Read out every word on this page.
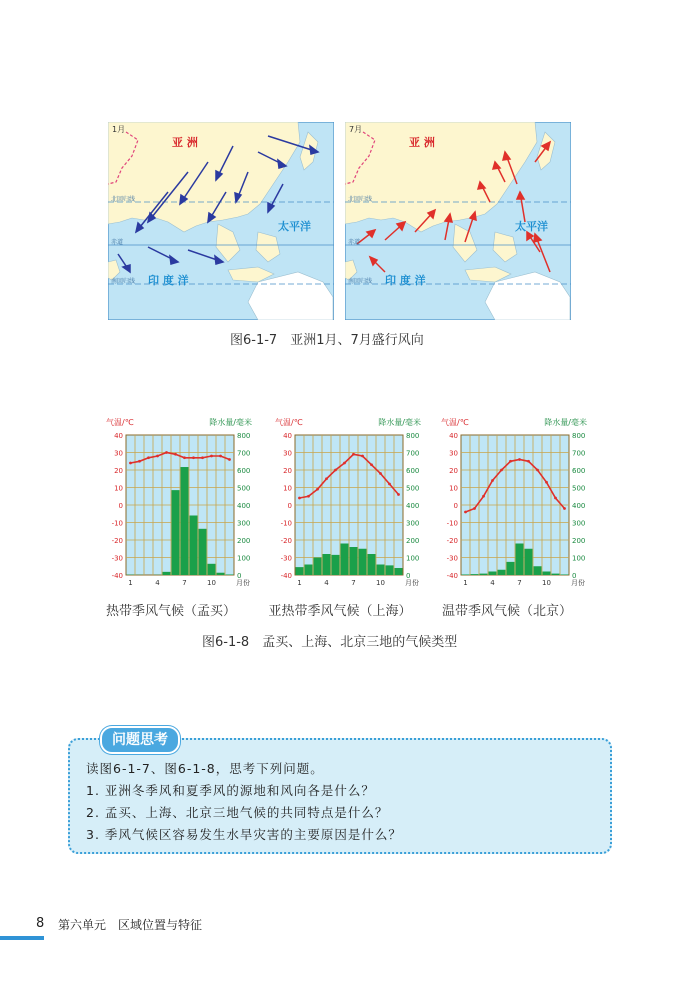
1月
亚 洲
太平洋
印 度 洋
北回归线
赤道
南回归线
7月
亚 洲
太平洋
印 度 洋
北回归线
赤道
南回归线
图6-1-7　亚洲1月、7月盛行风向
40
30
20
10
0
-10
-20
-30
-40
800
700
600
500
400
300
200
100
0
1	4	7	10	月份
气温/℃	降水量/毫米
40
30
20
10
0
-10
-20
-30
-40
800
700
600
500
400
300
200
100
0
1	4	7	10	月份
气温/℃	降水量/毫米
40
30
20
10
0
-10
-20
-30
-40
800
700
600
500
400
300
200
100
0
1	4	7	10	月份
气温/℃	降水量/毫米
热带季风气候（孟买）	亚热带季风气候（上海）	温带季风气候（北京）
图6-1-8　孟买、上海、北京三地的气候类型
问题思考
读图6-1-7、图6-1-8，思考下列问题。
1. 亚洲冬季风和夏季风的源地和风向各是什么？
2. 孟买、上海、北京三地气候的共同特点是什么？
3. 季风气候区容易发生水旱灾害的主要原因是什么？
8 第六单元　区域位置与特征
